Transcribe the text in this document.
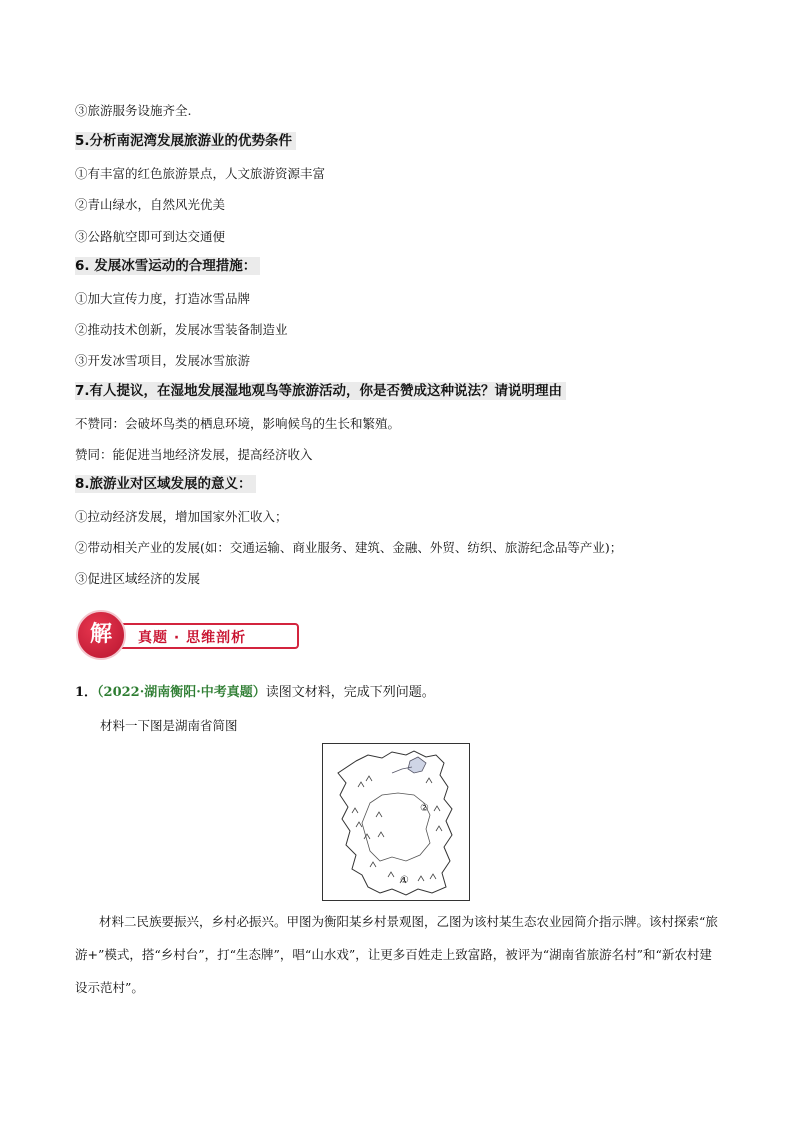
③旅游服务设施齐全.
5.分析南泥湾发展旅游业的优势条件
①有丰富的红色旅游景点，人文旅游资源丰富
②青山绿水，自然风光优美
③公路航空即可到达交通便
6. 发展冰雪运动的合理措施：
①加大宣传力度，打造冰雪品牌
②推动技术创新，发展冰雪装备制造业
③开发冰雪项目，发展冰雪旅游
7.有人提议，在湿地发展湿地观鸟等旅游活动，你是否赞成这种说法？请说明理由
不赞同：会破坏鸟类的栖息环境，影响候鸟的生长和繁殖。
赞同：能促进当地经济发展，提高经济收入
8.旅游业对区域发展的意义：
①拉动经济发展，增加国家外汇收入；
②带动相关产业的发展(如：交通运输、商业服务、建筑、金融、外贸、纺织、旅游纪念品等产业)；
③促进区域经济的发展
解	真题 · 思维剖析
1．（2022·湖南衡阳·中考真题）读图文材料，完成下列问题。
材料一下图是湖南省简图
②
①
材料二民族要振兴，乡村必振兴。甲图为衡阳某乡村景观图，乙图为该村某生态农业园简介指示牌。该村探索“旅游+”模式，搭“乡村台”，打“生态牌”，唱“山水戏”，让更多百姓走上致富路，被评为“湖南省旅游名村”和“新农村建设示范村”。
